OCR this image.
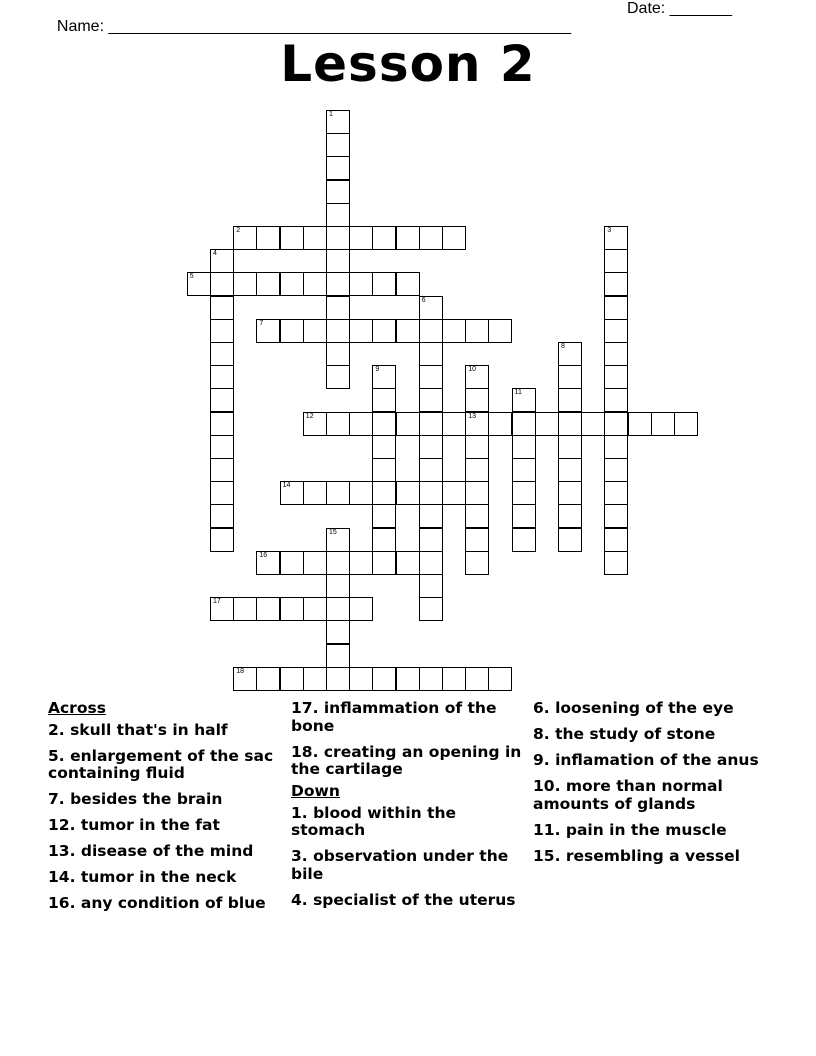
Name: ____________________________________________________

Date: _______

Lesson 2
1
2	3
4
5
6
7
8
9	10
13
11
12
14
15
16
17
18
Across
2. skull that's in half
5. enlargement of the sac containing fluid
7. besides the brain
12. tumor in the fat
13. disease of the mind
14. tumor in the neck
16. any condition of blue
17. inflammation of the bone
18. creating an opening in the cartilage
Down
1. blood within the stomach
3. observation under the bile
4. specialist of the uterus
6. loosening of the eye
8. the study of stone
9. inflamation of the anus
10. more than normal amounts of glands
11. pain in the muscle
15. resembling a vessel
